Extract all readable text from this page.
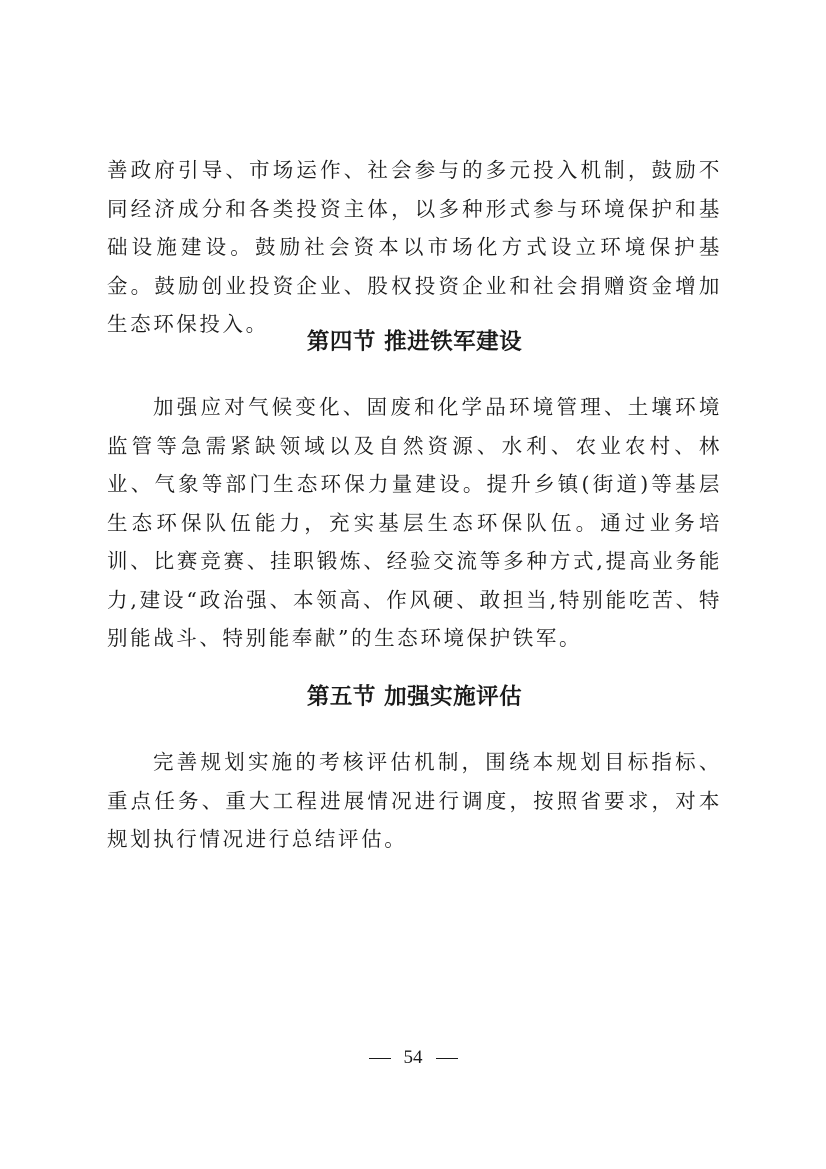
善政府引导、市场运作、社会参与的多元投入机制，鼓励不同经济成分和各类投资主体，以多种形式参与环境保护和基础设施建设。鼓励社会资本以市场化方式设立环境保护基金。鼓励创业投资企业、股权投资企业和社会捐赠资金增加生态环保投入。

第四节 推进铁军建设

加强应对气候变化、固废和化学品环境管理、土壤环境监管等急需紧缺领域以及自然资源、水利、农业农村、林业、气象等部门生态环保力量建设。提升乡镇(街道)等基层生态环保队伍能力，充实基层生态环保队伍。通过业务培训、比赛竞赛、挂职锻炼、经验交流等多种方式,提高业务能力,建设“政治强、本领高、作风硬、敢担当,特别能吃苦、特别能战斗、特别能奉献”的生态环境保护铁军。

第五节 加强实施评估

完善规划实施的考核评估机制，围绕本规划目标指标、重点任务、重大工程进展情况进行调度，按照省要求，对本规划执行情况进行总结评估。

54
